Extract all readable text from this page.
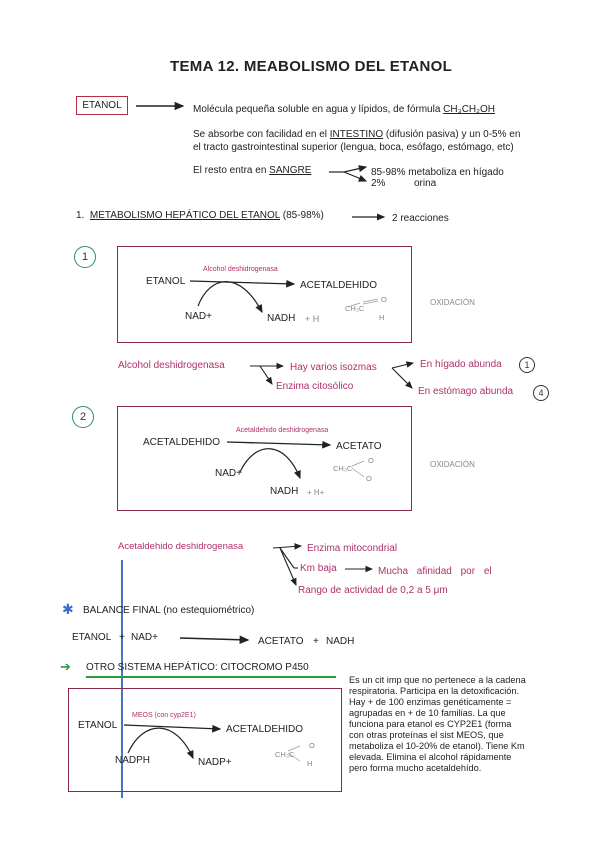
TEMA 12. MEABOLISMO DEL ETANOL
ETANOL	Molécula pequeña soluble en agua y lípidos, de fórmula CH₃CH₂OH
Se absorbe con facilidad en el INTESTINO (difusión pasiva) y un 0-5% en
el tracto gastrointestinal superior (lengua, boca, esófago, estómago, etc)
El resto entra en SANGRE	85-98% metaboliza en hígado
2%	orina
1. METABOLISMO HEPÁTICO DEL ETANOL (85-98%)	2 reacciones
1
Alcohol deshidrogenasa
ETANOL	ACETALDEHIDO
NAD+	NADH + H
CH₃C
O
H
OXIDACIÓN
Alcohol deshidrogenasa	Hay varios isozmas
Enzima citosólico
En hígado abunda	1
En estómago abunda	4
2
Acetaldehido deshidrogenasa
ACETALDEHIDO	ACETATO
NAD+
NADH + H+
CH₃C
O
O
OXIDACIÓN
Acetaldehido deshidrogenasa	Enzima mitocondrial
Km baja	Mucha afinidad por el
Rango de actividad de 0,2 a 5 μm
✱ BALANCE FINAL (no estequiométrico)
ETANOL + NAD+	ACETATO + NADH
➔ OTRO SISTEMA HEPÁTICO: CITOCROMO P450
MEOS (con cyp2E1)
ETANOL	ACETALDEHIDO
NADPH	NADP+
CH₃C
O
H
Es un cit imp que no pertenece a la cadena
respiratoria. Participa en la detoxificación.
Hay + de 100 enzimas genéticamente =
agrupadas en + de 10 familias. La que
funciona para etanol es CYP2E1 (forma
con otras proteínas el sist MEOS, que
metaboliza el 10-20% de etanol). Tiene Km
elevada. Elimina el alcohol rápidamente
pero forma mucho acetaldehído.
